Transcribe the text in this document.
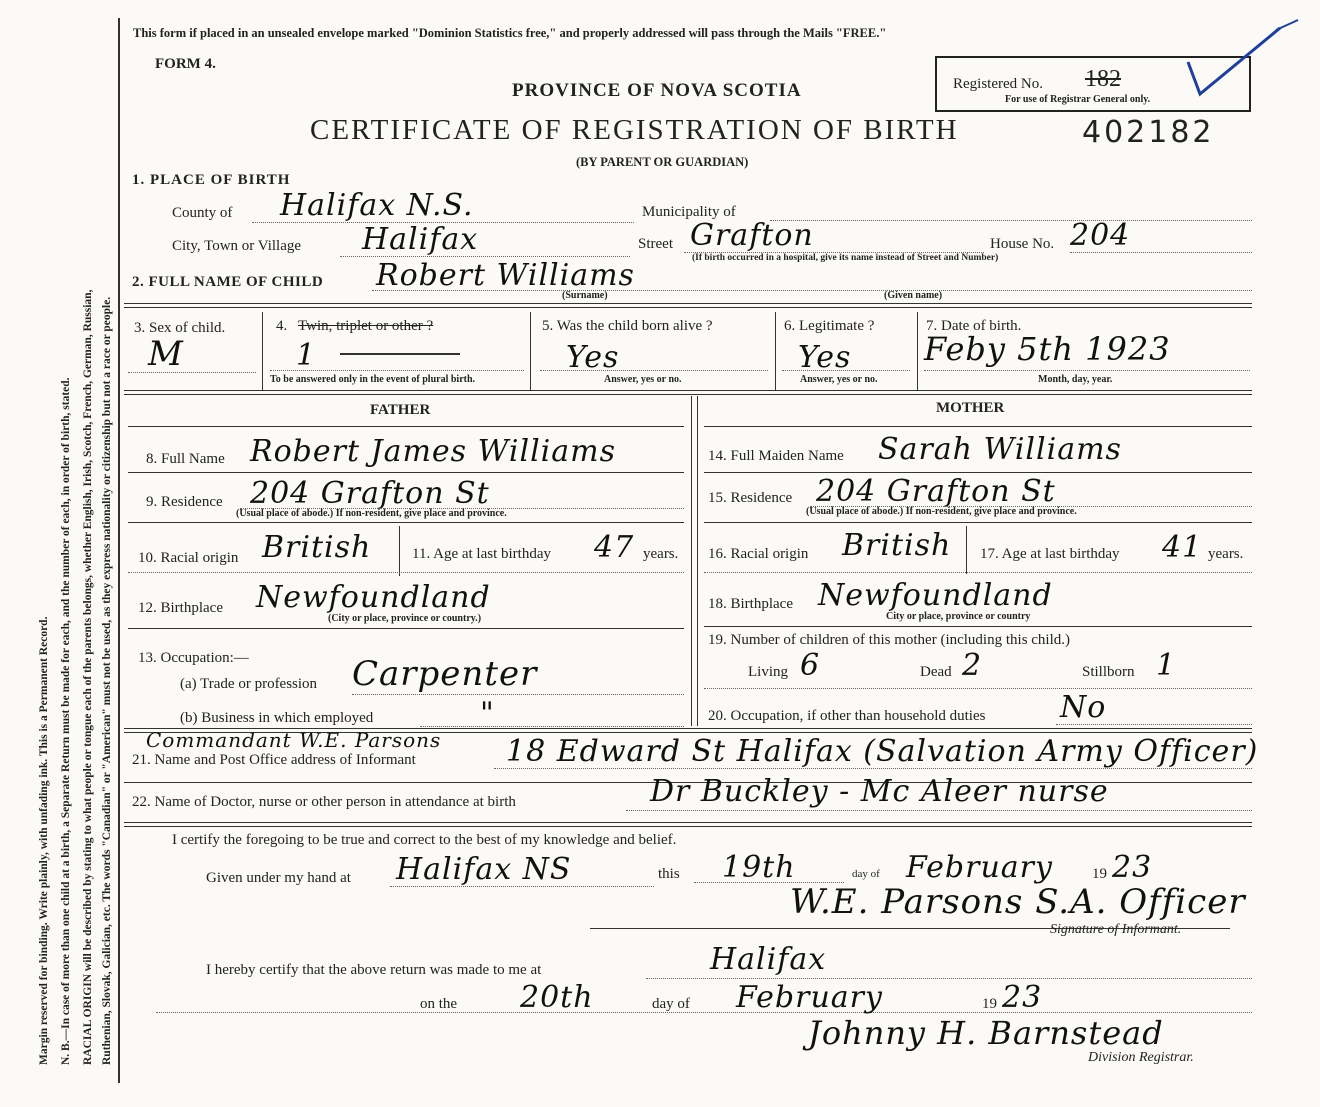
Margin reserved for binding. Write plainly, with unfading ink. This is a Permanent Record. N. B.—In case of more than one child at a birth, a Separate Return must be made for each, and the number of each, in order of birth, stated. RACIAL ORIGIN will be described by stating to what people or tongue each of the parents belongs, whether English, Irish, Scotch, French, German, Russian, Ruthenian, Slovak, Galician, etc. The words "Canadian" or "American" must not be used, as they express nationality or citizenship but not a race or people.
This form if placed in an unsealed envelope marked "Dominion Statistics free," and properly addressed will pass through the Mails "FREE."
FORM 4.
PROVINCE OF NOVA SCOTIA
CERTIFICATE OF REGISTRATION OF BIRTH	402182
(BY PARENT OR GUARDIAN)
Registered No. 182
For use of Registrar General only.
1. PLACE OF BIRTH
County of Halifax N.S.	Municipality of
City, Town or Village Halifax	Street Grafton
(If birth occurred in a hospital, give its name instead of Street and Number)
House No. 204
2. FULL NAME OF CHILD Robert Williams
(Surname)	(Given name)
3. Sex of child.
M
4. Twin, triplet or other ?
1
To be answered only in the event of plural birth.
5. Was the child born alive ?
Yes
Answer, yes or no.
6. Legitimate ?
Yes
Answer, yes or no.
7. Date of birth.
Feby 5th 1923
Month, day, year.
FATHER
8. Full Name Robert James Williams
9. Residence 204 Grafton St
(Usual place of abode.) If non-resident, give place and province.
10. Racial origin British	11. Age at last birthday 47 years.
12. Birthplace Newfoundland
(City or place, province or country.)
13. Occupation:—
(a) Trade or profession Carpenter
(b) Business in which employed	"
MOTHER
14. Full Maiden Name Sarah Williams
15. Residence 204 Grafton St
(Usual place of abode.) If non-resident, give place and province.
16. Racial origin British 17. Age at last birthday 41 years.
18. Birthplace Newfoundland
City or place, province or country
19. Number of children of this mother (including this child.)
Living 6	Dead 2	Stillborn 1
20. Occupation, if other than household duties No
Commandant W.E. Parsons
21. Name and Post Office address of Informant	18 Edward St Halifax (Salvation Army Officer)
22. Name of Doctor, nurse or other person in attendance at birth	Dr Buckley - Mc Aleer nurse
I certify the foregoing to be true and correct to the best of my knowledge and belief.
Given under my hand at Halifax NS	this 19th	day of February	19 23
W.E. Parsons S.A. Officer
Signature of Informant.
I hereby certify that the above return was made to me at	Halifax
on the 20th	day of February	19 23
Johnny H. Barnstead
Division Registrar.
